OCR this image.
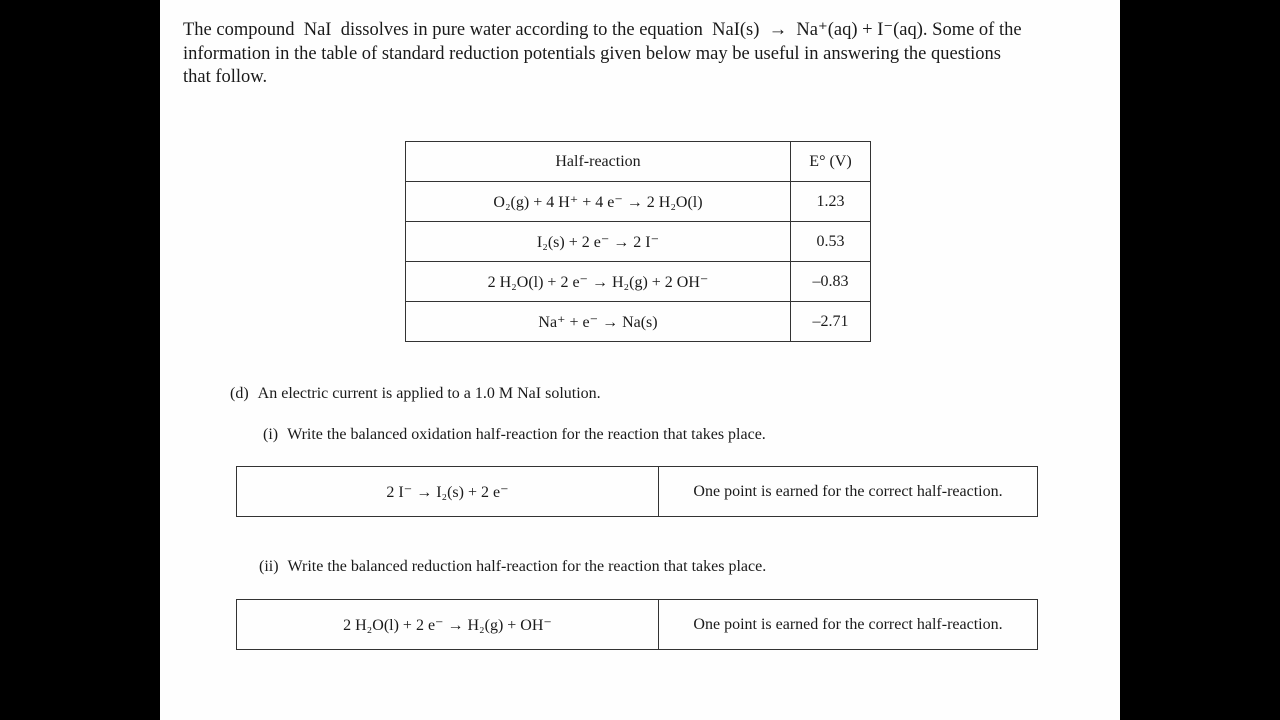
The compound  NaI  dissolves in pure water according to the equation  NaI(s)  →  Na⁺(aq) + I⁻(aq). Some of the
information in the table of standard reduction potentials given below may be useful in answering the questions
that follow.
Half-reaction	E° (V)
O₂(g) + 4 H⁺ + 4 e⁻ → 2 H₂O(l)	1.23
I₂(s) + 2 e⁻ → 2 I⁻	0.53
2 H₂O(l) + 2 e⁻ → H₂(g) + 2 OH⁻	–0.83
Na⁺ + e⁻ → Na(s)	–2.71
(d) An electric current is applied to a 1.0 M NaI solution.
(i) Write the balanced oxidation half-reaction for the reaction that takes place.
2 I⁻ → I₂(s) + 2 e⁻	One point is earned for the correct half-reaction.
(ii) Write the balanced reduction half-reaction for the reaction that takes place.
2 H₂O(l) + 2 e⁻ → H₂(g) + OH⁻	One point is earned for the correct half-reaction.
